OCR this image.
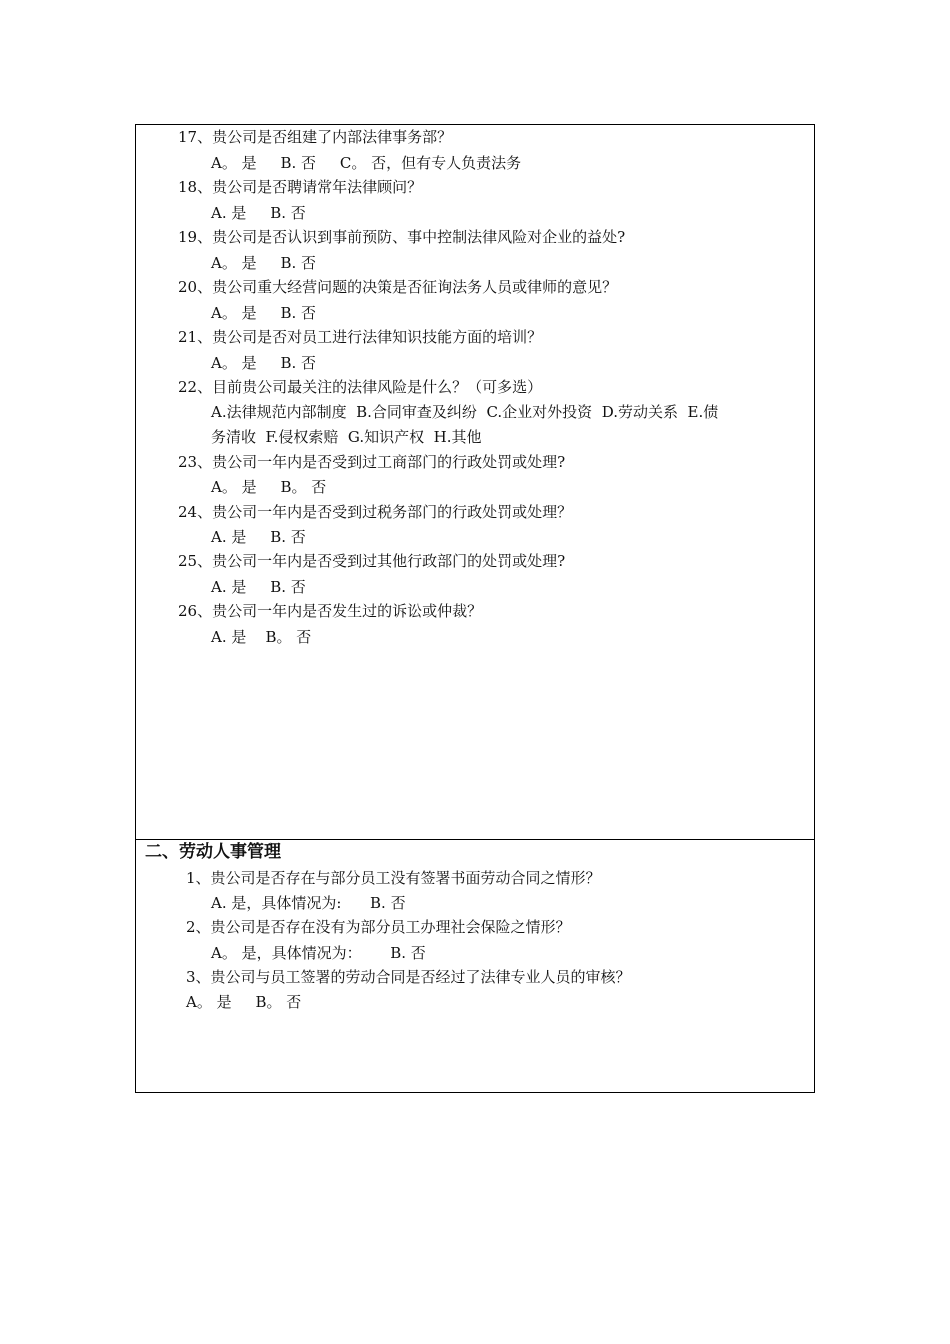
17、贵公司是否组建了内部法律事务部？
A。 是     B. 否     C。 否，但有专人负责法务
18、贵公司是否聘请常年法律顾问？
A. 是     B. 否
19、贵公司是否认识到事前预防、事中控制法律风险对企业的益处?
A。 是     B. 否
20、贵公司重大经营问题的决策是否征询法务人员或律师的意见？
A。 是     B. 否
21、贵公司是否对员工进行法律知识技能方面的培训？
A。 是     B. 否
22、目前贵公司最关注的法律风险是什么？（可多选）
A.法律规范内部制度  B.合同审查及纠纷  C.企业对外投资  D.劳动关系  E.债
务清收  F.侵权索赔  G.知识产权  H.其他
23、贵公司一年内是否受到过工商部门的行政处罚或处理?
A。 是     B。 否
24、贵公司一年内是否受到过税务部门的行政处罚或处理？
A. 是     B. 否
25、贵公司一年内是否受到过其他行政部门的处罚或处理?
A. 是     B. 否
26、贵公司一年内是否发生过的诉讼或仲裁？
A. 是    B。 否
二、劳动人事管理
1、贵公司是否存在与部分员工没有签署书面劳动合同之情形？
A. 是，具体情况为:      B. 否
2、贵公司是否存在没有为部分员工办理社会保险之情形？
A。 是，具体情况为：      B. 否
3、贵公司与员工签署的劳动合同是否经过了法律专业人员的审核？
A。 是     B。 否
